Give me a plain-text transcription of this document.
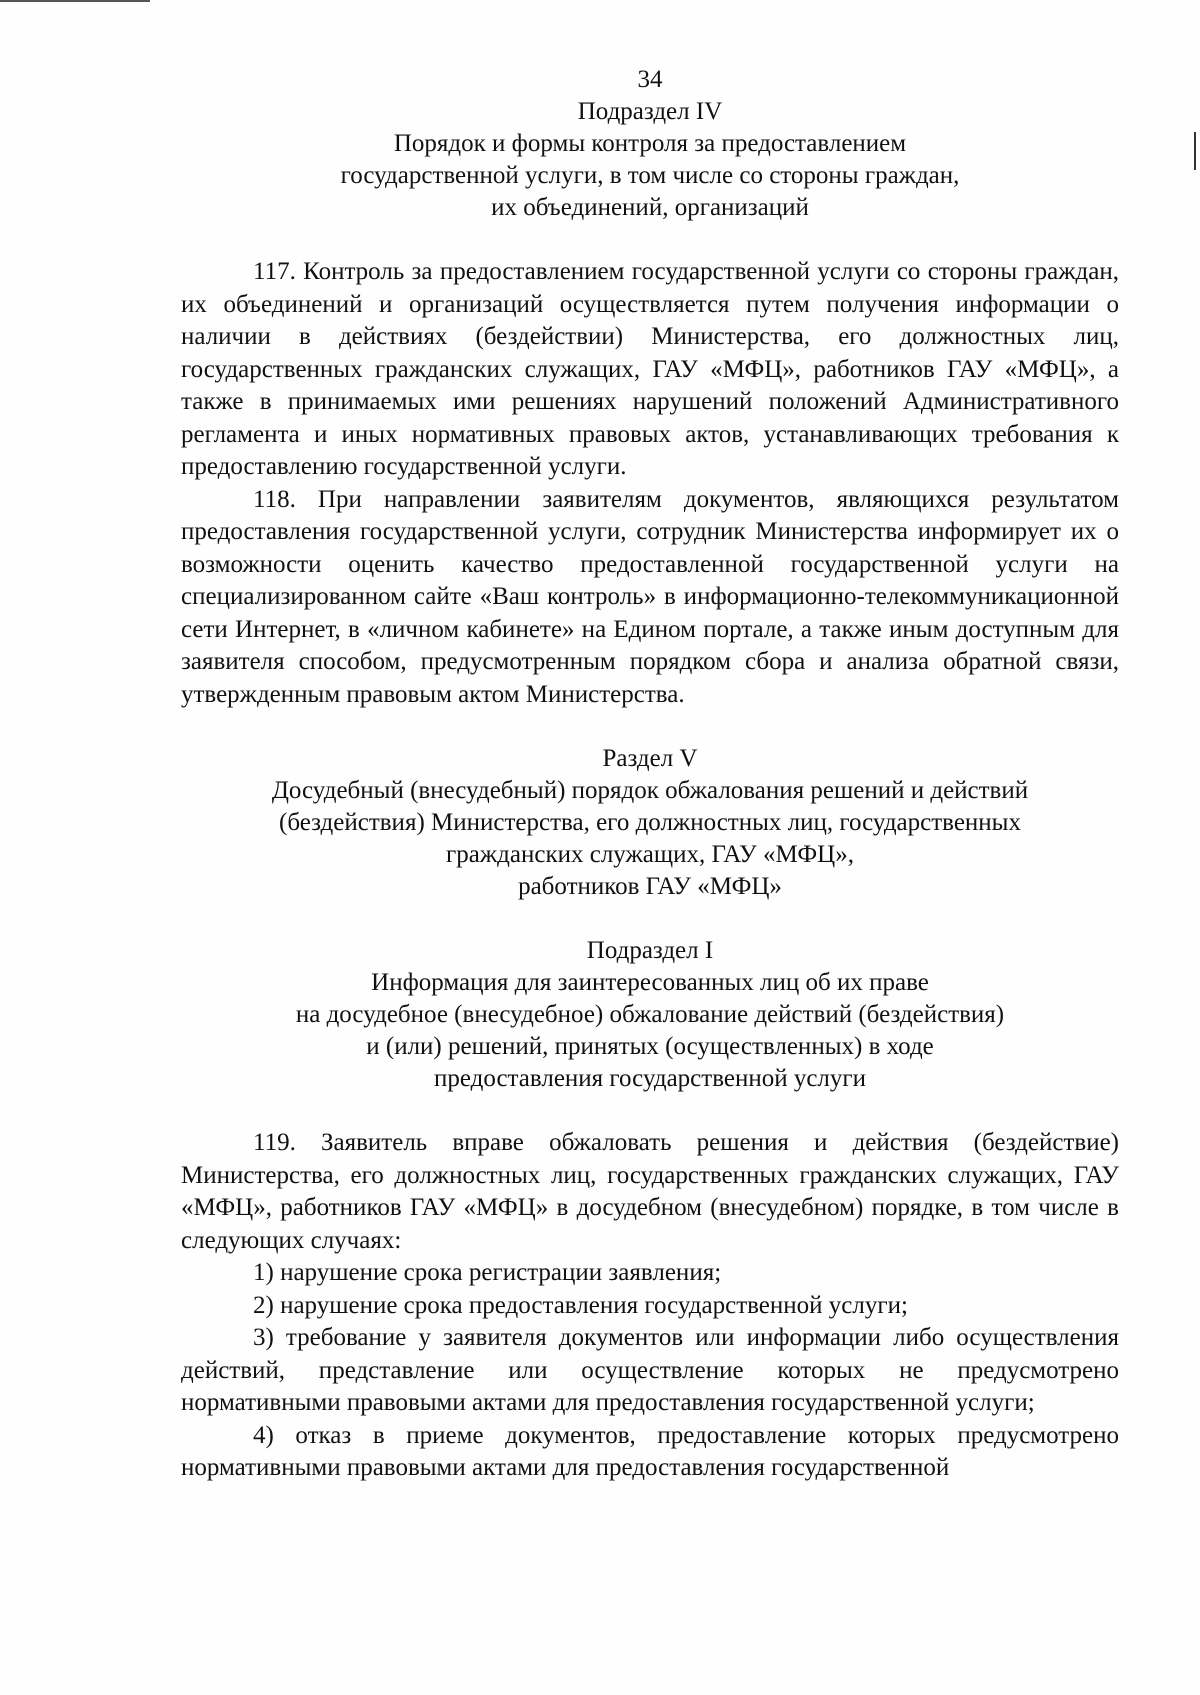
34
Подраздел IV
Порядок и формы контроля за предоставлением
государственной услуги, в том числе со стороны граждан,
их объединений, организаций

117. Контроль за предоставлением государственной услуги со стороны граждан, их объединений и организаций осуществляется путем получения информации о наличии в действиях (бездействии) Министерства, его должностных лиц, государственных гражданских служащих, ГАУ «МФЦ», работников ГАУ «МФЦ», а также в принимаемых ими решениях нарушений положений Административного регламента и иных нормативных правовых актов, устанавливающих требования к предоставлению государственной услуги.

118. При направлении заявителям документов, являющихся результатом предоставления государственной услуги, сотрудник Министерства информирует их о возможности оценить качество предоставленной государственной услуги на специализированном сайте «Ваш контроль» в информационно-телекоммуникационной сети Интернет, в «личном кабинете» на Едином портале, а также иным доступным для заявителя способом, предусмотренным порядком сбора и анализа обратной связи, утвержденным правовым актом Министерства.

Раздел V
Досудебный (внесудебный) порядок обжалования решений и действий
(бездействия) Министерства, его должностных лиц, государственных
гражданских служащих, ГАУ «МФЦ»,
работников ГАУ «МФЦ»
Подраздел I
Информация для заинтересованных лиц об их праве
на досудебное (внесудебное) обжалование действий (бездействия)
и (или) решений, принятых (осуществленных) в ходе
предоставления государственной услуги

119. Заявитель вправе обжаловать решения и действия (бездействие) Министерства, его должностных лиц, государственных гражданских служащих, ГАУ «МФЦ», работников ГАУ «МФЦ» в досудебном (внесудебном) порядке, в том числе в следующих случаях:

1) нарушение срока регистрации заявления;

2) нарушение срока предоставления государственной услуги;

3) требование у заявителя документов или информации либо осуществления действий, представление или осуществление которых не предусмотрено нормативными правовыми актами для предоставления государственной услуги;

4) отказ в приеме документов, предоставление которых предусмотрено нормативными правовыми актами для предоставления государственной
